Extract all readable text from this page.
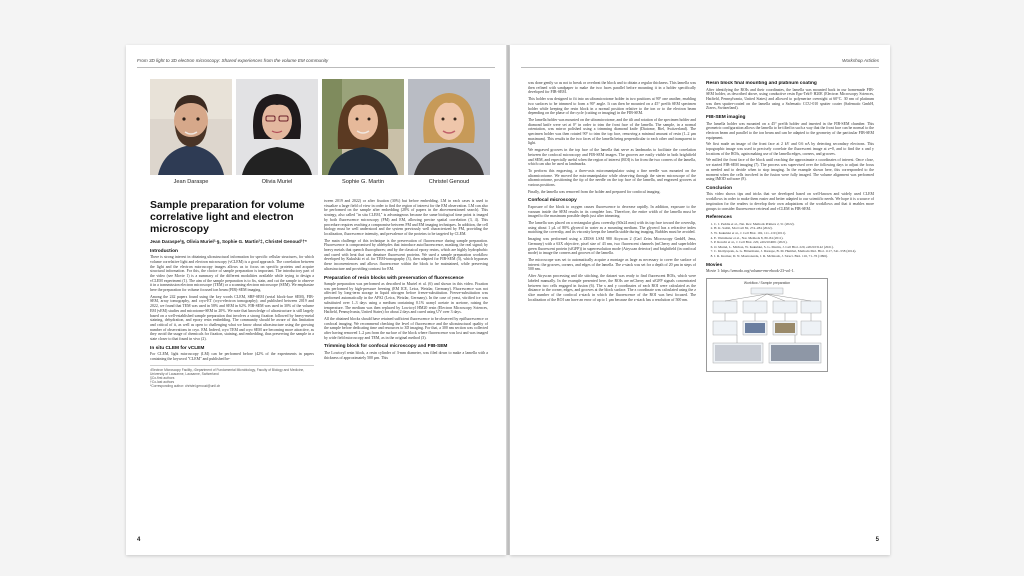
From 3D light to 3D electron microscopy: Shared experiences from the volume EM community
Jean Daraspe	Olivia Muriel	Sophie G. Martin	Christel Genoud
Sample preparation for volume correlative light and electron microscopy
Jean Daraspe¹§, Olivia Muriel²·§, Sophie G. Martin²‡, Christel Genoud¹†*
Introduction

There is strong interest in obtaining ultrastructural information for specific cellular structures, for which volume correlative light and electron microscopy (vCLEM) is a good approach. The correlation between the light and the electron microscopy images allows us to focus on specific proteins and acquire structural information. For this, the choice of sample preparation is important. The introductory part of the video (see Movie 1) is a summary of the different modalities available while trying to design a vCLEM experiment (1). The aim of the sample preparation is to fix, stain, and cut the sample to observe it in a transmission electron microscope (TEM) or a scanning electron microscope (SEM). We emphasize here the preparation for volume focused ion beam (FIB)-SEM imaging.

Among the 242 papers found using the key words CLEM, SBF-SEM (serial block-face SEM), FIB-SEM, array tomography, and cryo-ET (cryo-electron tomography); and published between 2019 and 2022, we found that TEM was used in 58% and SEM in 62%. FIB-SEM was used in 30% of the volume EM (vEM) studies and microtome-SEM in 20%. We note that knowledge of ultrastructure is still largely based on a well-established sample preparation that involves a strong fixation followed by heavy-metal staining, dehydration, and epoxy resin embedding. The community should be aware of this limitation and critical of it, as well as open to challenging what we know about ultrastructure using the growing number of observations in cryo. EM. Indeed, cryo TEM and cryo SEM are becoming more attractive, as they avoid the usage of chemicals for fixation, staining, and embedding, thus preserving the sample in a state closer to that found in vivo (2).

In situ CLEM for vCLEM

For CLEM, light microscopy (LM) can be performed before (42% of the experiments in papers containing the keyword "CLEM" and published be-

¹Electron Microscopy Facility, ²Department of Fundamental Microbiology, Faculty of Biology and Medicine, University of Lausanne, Lausanne, Switzerland

§Co-first authors

†Co-last authors

*Corresponding author: christel.genoud@unil.ch

tween 2019 and 2022) or after fixation (30%) but before embedding. LM in each cases is used to visualize a large field of view in order to find the region of interest for the EM observation. LM can also be performed on the sample after embedding (28% of papers in the abovementioned search). This strategy, also called "in situ CLEM," is advantageous because the same biological time point is imaged by both fluorescence microscopy (FM) and EM, allowing precise spatial correlation (3, 4). This procedure requires reaching a compromise between FM and EM imaging techniques. In addition, the cell biology must be well understood and the system previously well characterized by FM, providing the localization, fluorescence intensity, and prevalence of the proteins to be targeted by CLEM.

The main challenge of this technique is the preservation of fluorescence during sample preparation. Fluorescence is compromised by aldehydes that introduce autofluorescence, masking the real signal; by heavy metals that quench fluorophores; and by the classical epoxy resins, which are highly hydrophobic and cured with heat that can denature fluorescent proteins. We used a sample preparation workflow developed by Kukulski et al. for TEM-tomography (3), then adapted for FIB-SEM (5), which bypasses these inconveniences and allows fluorescence within the block to be maintained, while preserving ultrastructure and providing contrast for EM.

Preparation of resin blocks with preservation of fluorescence

Sample preparation was performed as described in Muriel et al. (6) and shown in this video. Fixation was performed by high-pressure freezing (EM ICE, Leica, Wetzlar, Germany). Fluorescence was not affected by long-term storage in liquid nitrogen before freeze-substitution. Freeze-substitution was performed automatically in the AFS2 (Leica, Wetzlar, Germany). In the case of yeast, vitrified ice was substituted over 1–3 days using a medium containing 0.1% uranyl acetate in acetone, raising the temperature. The medium was then replaced by Lowicryl HM20 resin (Electron Microscopy Sciences, Hatfield, Pennsylvania, United States) for about 2 days and cured using UV over 3 days.

All the obtained blocks should have retained sufficient fluorescence to be observed by epifluorescence or confocal imaging. We recommend checking the level of fluorescence and the ultrastructural quality of the sample before dedicating time and resources to 3D imaging. For that, a 300 nm section was collected after having removed 1–2 µm from the surface of the block where fluorescence was lost and was imaged by wide field microscopy and TEM, as in the original method (3).

Trimming block for confocal microscopy and FIB-SEM

The Lowicryl resin block, a resin cylinder of 3-mm diameter, was filed down to make a lamella with a thickness of approximately 500 µm. This

4
Workshop Articles

was done gently so as not to break or overheat the block and to obtain a regular thickness. This lamella was then refined with sandpaper to make the two faces parallel before mounting it in a holder specifically developed for FIB-SEM.

This holder was designed to fit into an ultramicrotome holder in two positions at 90° one another, enabling two surfaces to be trimmed to form a 90° angle. It can then be mounted on a 45° prefib SEM specimen holder while keeping the resin block in a normal position relative to the ion or to the electron beam depending on the phase of the cycle (cutting or imaging) in the FIB-SEM.

The lamella holder was mounted on the ultramicrotome, and the tilt and rotation of the specimen holder and diamond knife were set at 0° in order to trim the front face of the lamella. The sample, in a normal orientation, was mirror polished using a trimming diamond knife (Diatome, Biel, Switzerland). The specimen holder was then rotated 90° to trim the top face, removing a minimal amount of resin (1–2 µm maximum). This results in the two faces of the lamella being perpendicular to each other and transparent to light.

We engraved grooves in the top face of the lamella that serve as landmarks to facilitate the correlation between the confocal microscopy and FIB-SEM images. The grooves are easily visible in both brightfield and SEM, and especially useful when the region of interest (ROI) is far from the two corners of the lamella, which can also be used as landmarks.

To perform this engraving, a three-axis micromanipulator using a fine needle was mounted on the ultramicrotome. We moved the micromanipulator while observing through the stereo microscope of the ultramicrotome, positioning the tip of the needle on the top face of the lamella, and engraved grooves at various positions.

Finally, the lamella was removed from the holder and prepared for confocal imaging.

Confocal microscopy

Exposure of the block to oxygen causes fluorescence to decrease rapidly. In addition, exposure to the vacuum inside the SEM results in its complete loss. Therefore, the entire width of the lamella must be imaged to the maximum possible depth just after trimming.

The lamella was placed on a rectangular glass coverslip (60x24 mm) with its top face toward the coverslip, using about 1 µL of 80% glycerol in water as a mounting medium. The glycerol has a refractive index matching the coverslip, and its viscosity keeps the lamella stable during imaging. Bubbles must be avoided.

Imaging was performed using a ZEISS LSM 980 Airyscan 2 (Carl Zeiss Microscopy GmbH, Jena, Germany) with a 63X objective, pixel size of 43 nm, two fluorescent channels (mCherry and superfolder green fluorescent protein (sfGFP)) in superresolution mode (Airyscan detector) and brightfield (in confocal mode) to image the corners and grooves of the lamella.

The microscope was set to automatically acquire a montage as large as necessary to cover the surface of interest: the grooves, corners, and edges of the lamella. The z-stack was set for a depth of 20 µm in steps of 500 nm.

After Airyscan processing and tile stitching, the dataset was ready to find fluorescent ROIs, which were labeled manually. In the example presented here, the ROIs are mCherry and sfGFP signals concentrated between two cells engaged in fusion (6). The x and y coordinates of each ROI were calculated as the distance to the corner, edges, and grooves at the block surface. The z coordinate was calculated using the z slice number of the confocal z-stack in which the fluorescence of the ROI was best focused. The localization of the ROI can have an error of up to 1 µm because the z-stack has a resolution of 500 nm.

Resin block final mounting and platinum coating

After identifying the ROIs and their coordinates, the lamella was mounted back in our homemade FIB-SEM holder, as described above, using conductive resin Epo-Tek® H20E (Electron Microscopy Sciences, Hatfield, Pennsylvania, United States) and allowed to polymerize overnight at 60°C. 30 nm of platinum was then sputter-coated on the lamella using a Safematic CCU-010 sputter coater (Safematic GmbH, Zizers, Switzerland).

FIB-SEM imaging

The lamella holder was mounted on a 45° prefib holder and inserted in the FIB-SEM chamber. This geometric configuration allows the lamella to be tilted in such a way that the front face can be normal to the electron beam and parallel to the ion beam and can be adapted to the geometry of the particular FIB-SEM equipment.

We first made an image of the front face at 2 kV and 0.6 nA by detecting secondary electrons. This topographic image was used to precisely correlate the fluorescent image at z=0, and to find the x and y locations of the ROIs, again making use of the lamella edges, corners, and grooves.

We milled the front face of the block until reaching the approximate z coordinates of interest. Once close, we started FIB-SEM imaging (7). The process was supervised over the following days to adjust the focus as needed and to decide when to stop imaging. In the example shown here, this corresponded to the moment when the cells involved in the fusion were fully imaged. The volume alignment was performed using IMOD software (8).

Conclusion

This video shows tips and tricks that we developed based on well-known and widely used CLEM workflows in order to make them easier and better adapted to our scientific needs. We hope it is a source of inspiration for the readers to develop their own adaptations of the workflows and that it enables more groups to consider fluorescence retrieval and vCLEM in FIB-SEM.

References
1. C. J. Peddie et al., Nat. Rev. Methods Primers 2, 51 (2022).
2. H. K. Saibil, Mol Cell 82, 274–284 (2022).
3. W. Kukulski et al., J. Cell Biol. 192, 111–119 (2011).
4. E. Weinmaier et al., Nat. Methods 8, 80–84 (2011).
5. P. Ronchi et al., J. Cell Biol. 220, e202104001 (2021).
6. O. Muriel, L. Michon, W. Kukulski, S. G. Martin, J. Cell Biol. 220, e202103142 (2021).
7. C. Kizilyaprak, A. G. Bittermann, J. Daraspe, B. M. Humbel, Methods Mol. Biol. 1117, 541–558 (2014).
8. J. R. Kremer, D. N. Mastronarde, J. R. McIntosh, J. Struct. Biol. 116, 71–76 (1996).
Movies

Movie 1: https://zenodo.org/volume-em-ebook-23-vol-1.

Workflow / Sample preparation
5
